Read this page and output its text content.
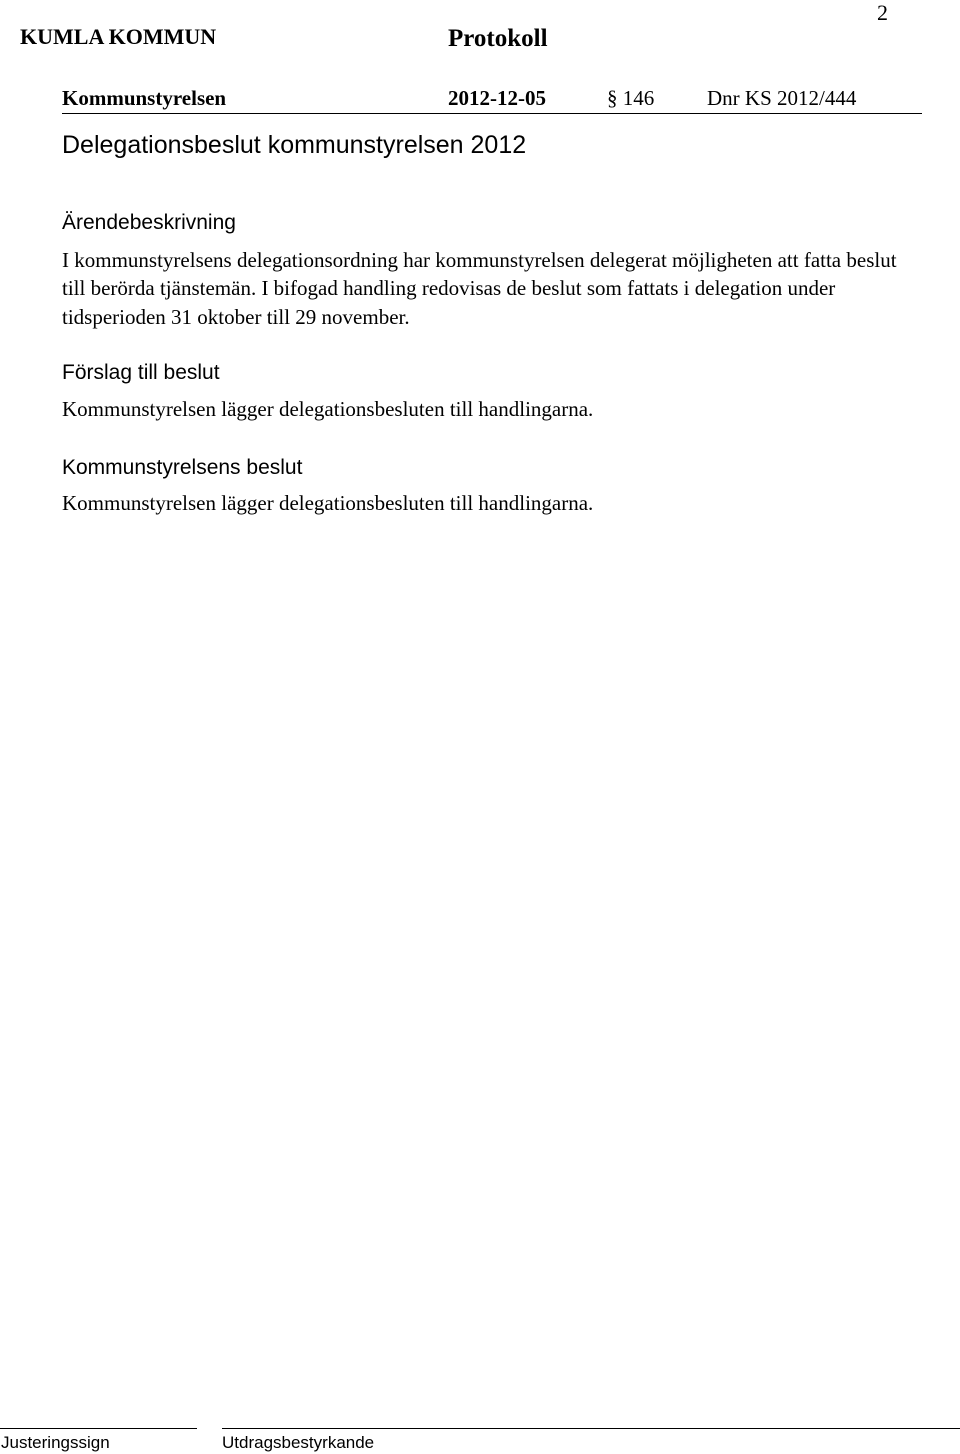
2
KUMLA KOMMUN	Protokoll
Kommunstyrelsen	2012-12-05	§ 146	Dnr KS 2012/444
Delegationsbeslut kommunstyrelsen 2012
Ärendebeskrivning
I kommunstyrelsens delegationsordning har kommunstyrelsen delegerat möjligheten att fatta beslut till berörda tjänstemän. I bifogad handling redovisas de beslut som fattats i delegation under tidsperioden 31 oktober till 29 november.
Förslag till beslut
Kommunstyrelsen lägger delegationsbesluten till handlingarna.
Kommunstyrelsens beslut
Kommunstyrelsen lägger delegationsbesluten till handlingarna.
Justeringssign	Utdragsbestyrkande
